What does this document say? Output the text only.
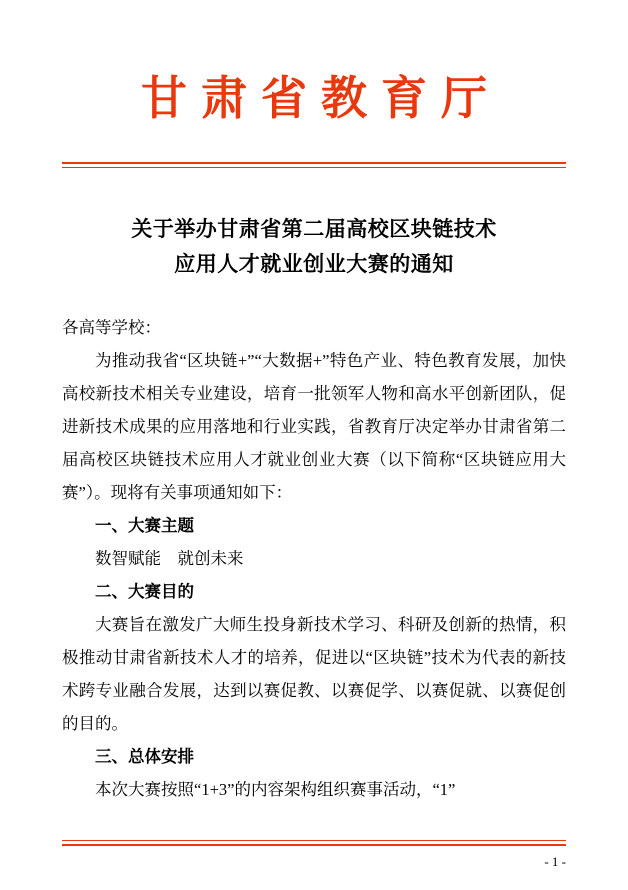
甘肃省教育厅
关于举办甘肃省第二届高校区块链技术
应用人才就业创业大赛的通知

各高等学校：

为推动我省“区块链+”“大数据+”特色产业、特色教育发展，加快高校新技术相关专业建设，培育一批领军人物和高水平创新团队，促进新技术成果的应用落地和行业实践，省教育厅决定举办甘肃省第二届高校区块链技术应用人才就业创业大赛（以下简称“区块链应用大赛”）。现将有关事项通知如下：

一、大赛主题

数智赋能　就创未来

二、大赛目的

大赛旨在激发广大师生投身新技术学习、科研及创新的热情，积极推动甘肃省新技术人才的培养，促进以“区块链”技术为代表的新技术跨专业融合发展，达到以赛促教、以赛促学、以赛促就、以赛促创的目的。

三、总体安排

本次大赛按照“1+3”的内容架构组织赛事活动，“1”

- 1 -
